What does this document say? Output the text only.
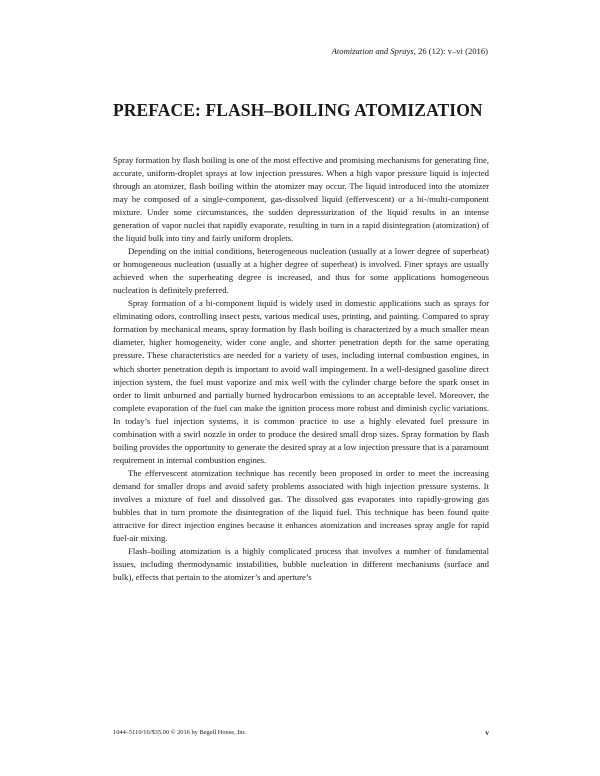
Atomization and Sprays, 26 (12): v–vi (2016)
PREFACE: FLASH–BOILING ATOMIZATION

Spray formation by flash boiling is one of the most effective and promising mechanisms for generating fine, accurate, uniform-droplet sprays at low injection pressures. When a high vapor pressure liquid is injected through an atomizer, flash boiling within the atomizer may occur. The liquid introduced into the atomizer may be composed of a single-component, gas-dissolved liquid (effervescent) or a bi-/multi-component mixture. Under some circumstances, the sudden depressurization of the liquid results in an intense generation of vapor nuclei that rapidly evaporate, resulting in turn in a rapid disintegration (atomization) of the liquid bulk into tiny and fairly uniform droplets.

Depending on the initial conditions, heterogeneous nucleation (usually at a lower degree of superheat) or homogeneous nucleation (usually at a higher degree of superheat) is involved. Finer sprays are usually achieved when the superheating degree is increased, and thus for some applications homogeneous nucleation is definitely preferred.

Spray formation of a bi-component liquid is widely used in domestic applications such as sprays for eliminating odors, controlling insect pests, various medical uses, printing, and painting. Compared to spray formation by mechanical means, spray formation by flash boiling is characterized by a much smaller mean diameter, higher homogeneity, wider cone angle, and shorter penetration depth for the same operating pressure. These characteristics are needed for a variety of uses, including internal combustion engines, in which shorter penetration depth is important to avoid wall impingement. In a well-designed gasoline direct injection system, the fuel must vaporize and mix well with the cylinder charge before the spark onset in order to limit unburned and partially burned hydrocarbon emissions to an acceptable level. Moreover, the complete evaporation of the fuel can make the ignition process more robust and diminish cyclic variations. In today’s fuel injection systems, it is common practice to use a highly elevated fuel pressure in combination with a swirl nozzle in order to produce the desired small drop sizes. Spray formation by flash boiling provides the opportunity to generate the desired spray at a low injection pressure that is a paramount requirement in internal combustion engines.

The effervescent atomization technique has recently been proposed in order to meet the increasing demand for smaller drops and avoid safety problems associated with high injection pressure systems. It involves a mixture of fuel and dissolved gas. The dissolved gas evaporates into rapidly-growing gas bubbles that in turn promote the disintegration of the liquid fuel. This technique has been found quite attractive for direct injection engines because it enhances atomization and increases spray angle for rapid fuel-air mixing.

Flash–boiling atomization is a highly complicated process that involves a number of fundamental issues, including thermodynamic instabilities, bubble nucleation in different mechanisms (surface and bulk), effects that pertain to the atomizer’s and aperture’s

1044–5110/16/$35.00 © 2016 by Begell House, Inc.	v
